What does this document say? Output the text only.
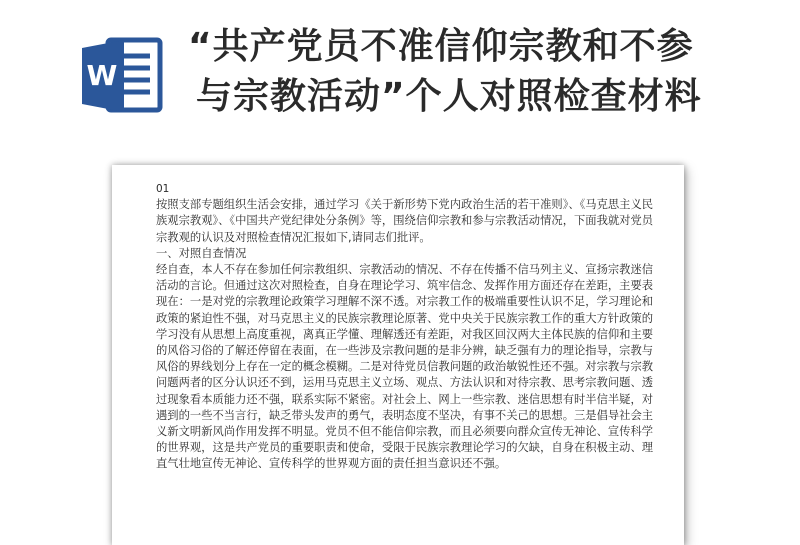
W
“共产党员不准信仰宗教和不参
与宗教活动”个人对照检查材料

01

按照支部专题组织生活会安排，通过学习《关于新形势下党内政治生活的若干准则》、《马克思主义民族观宗教观》、《中国共产党纪律处分条例》等，围绕信仰宗教和参与宗教活动情况，下面我就对党员宗教观的认识及对照检查情况汇报如下,请同志们批评。

一、对照自查情况

经自查，本人不存在参加任何宗教组织、宗教活动的情况、不存在传播不信马列主义、宣扬宗教迷信活动的言论。但通过这次对照检查，自身在理论学习、筑牢信念、发挥作用方面还存在差距，主要表现在：一是对党的宗教理论政策学习理解不深不透。对宗教工作的极端重要性认识不足，学习理论和政策的紧迫性不强，对马克思主义的民族宗教理论原著、党中央关于民族宗教工作的重大方针政策的学习没有从思想上高度重视，离真正学懂、理解透还有差距，对我区回汉两大主体民族的信仰和主要的风俗习俗的了解还停留在表面，在一些涉及宗教问题的是非分辨，缺乏强有力的理论指导，宗教与风俗的界线划分上存在一定的概念模糊。二是对待党员信教问题的政治敏锐性还不强。对宗教与宗教问题两者的区分认识还不到，运用马克思主义立场、观点、方法认识和对待宗教、思考宗教问题、透过现象看本质能力还不强，联系实际不紧密。对社会上、网上一些宗教、迷信思想有时半信半疑，对遇到的一些不当言行，缺乏带头发声的勇气，表明态度不坚决，有事不关己的思想。三是倡导社会主义新文明新风尚作用发挥不明显。党员不但不能信仰宗教，而且必须要向群众宣传无神论、宣传科学的世界观，这是共产党员的重要职责和使命，受限于民族宗教理论学习的欠缺，自身在积极主动、理直气壮地宣传无神论、宣传科学的世界观方面的责任担当意识还不强。
